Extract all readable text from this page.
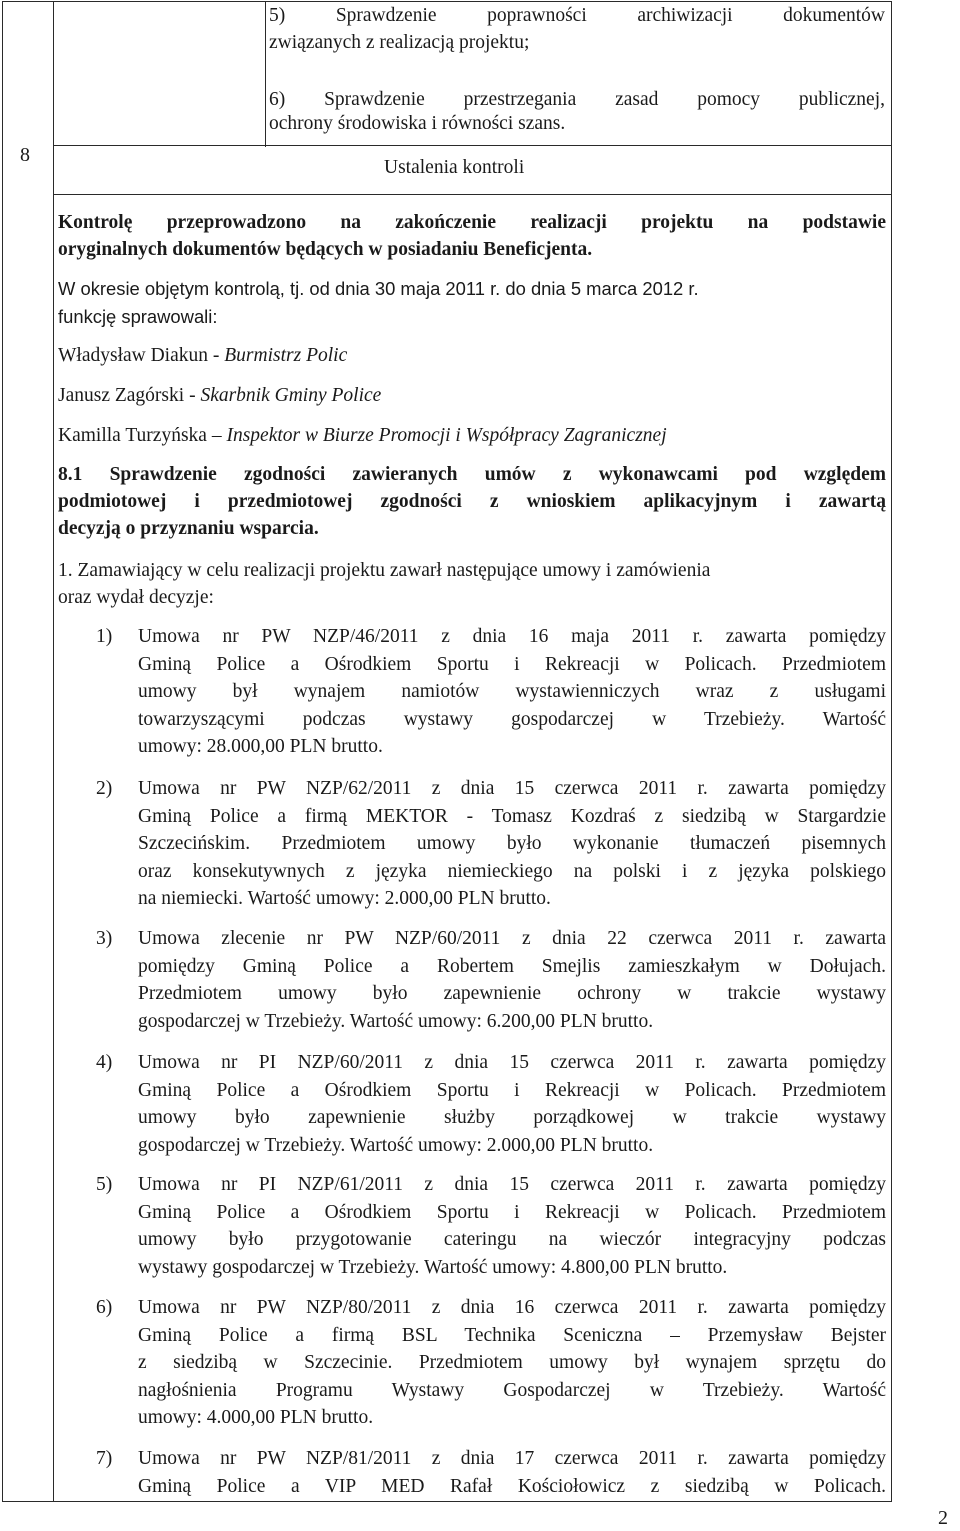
8
5) Sprawdzenie poprawności archiwizacji dokumentów
związanych z realizacją projektu;
6) Sprawdzenie przestrzegania zasad pomocy publicznej,
ochrony środowiska i równości szans.
Ustalenia kontroli
Kontrolę przeprowadzono na zakończenie realizacji projektu na podstawie
oryginalnych dokumentów będących w posiadaniu Beneficjenta.
W okresie objętym kontrolą, tj. od dnia 30 maja 2011 r. do dnia 5 marca 2012 r.
funkcję sprawowali:
Władysław Diakun - Burmistrz Polic
Janusz Zagórski - Skarbnik Gminy Police
Kamilla Turzyńska – Inspektor w Biurze Promocji i Współpracy Zagranicznej
8.1 Sprawdzenie zgodności zawieranych umów z wykonawcami pod względem
podmiotowej i przedmiotowej zgodności z wnioskiem aplikacyjnym i zawartą
decyzją o przyznaniu wsparcia.
1. Zamawiający w celu realizacji projektu zawarł następujące umowy i zamówienia
oraz wydał decyzje:
1) Umowa nr PW NZP/46/2011 z dnia 16 maja 2011 r. zawarta pomiędzy
Gminą Police a Ośrodkiem Sportu i Rekreacji w Policach. Przedmiotem
umowy był wynajem namiotów wystawienniczych wraz z usługami
towarzyszącymi podczas wystawy gospodarczej w Trzebieży. Wartość
umowy: 28.000,00 PLN brutto.
2) Umowa nr PW NZP/62/2011 z dnia 15 czerwca 2011 r. zawarta pomiędzy
Gminą Police a firmą MEKTOR - Tomasz Kozdraś z siedzibą w Stargardzie
Szczecińskim. Przedmiotem umowy było wykonanie tłumaczeń pisemnych
oraz konsekutywnych z języka niemieckiego na polski i z języka polskiego
na niemiecki. Wartość umowy: 2.000,00 PLN brutto.
3) Umowa zlecenie nr PW NZP/60/2011 z dnia 22 czerwca 2011 r. zawarta
pomiędzy Gminą Police a Robertem Smejlis zamieszkałym w Dołujach.
Przedmiotem umowy było zapewnienie ochrony w trakcie wystawy
gospodarczej w Trzebieży. Wartość umowy: 6.200,00 PLN brutto.
4) Umowa nr PI NZP/60/2011 z dnia 15 czerwca 2011 r. zawarta pomiędzy
Gminą Police a Ośrodkiem Sportu i Rekreacji w Policach. Przedmiotem
umowy było zapewnienie służby porządkowej w trakcie wystawy
gospodarczej w Trzebieży. Wartość umowy: 2.000,00 PLN brutto.
5) Umowa nr PI NZP/61/2011 z dnia 15 czerwca 2011 r. zawarta pomiędzy
Gminą Police a Ośrodkiem Sportu i Rekreacji w Policach. Przedmiotem
umowy było przygotowanie cateringu na wieczór integracyjny podczas
wystawy gospodarczej w Trzebieży. Wartość umowy: 4.800,00 PLN brutto.
6) Umowa nr PW NZP/80/2011 z dnia 16 czerwca 2011 r. zawarta pomiędzy
Gminą Police a firmą BSL Technika Sceniczna – Przemysław Bejster
z siedzibą w Szczecinie. Przedmiotem umowy był wynajem sprzętu do
nagłośnienia Programu Wystawy Gospodarczej w Trzebieży. Wartość
umowy: 4.000,00 PLN brutto.
7) Umowa nr PW NZP/81/2011 z dnia 17 czerwca 2011 r. zawarta pomiędzy
Gminą Police a VIP MED Rafał Kościołowicz z siedzibą w Policach.
2
